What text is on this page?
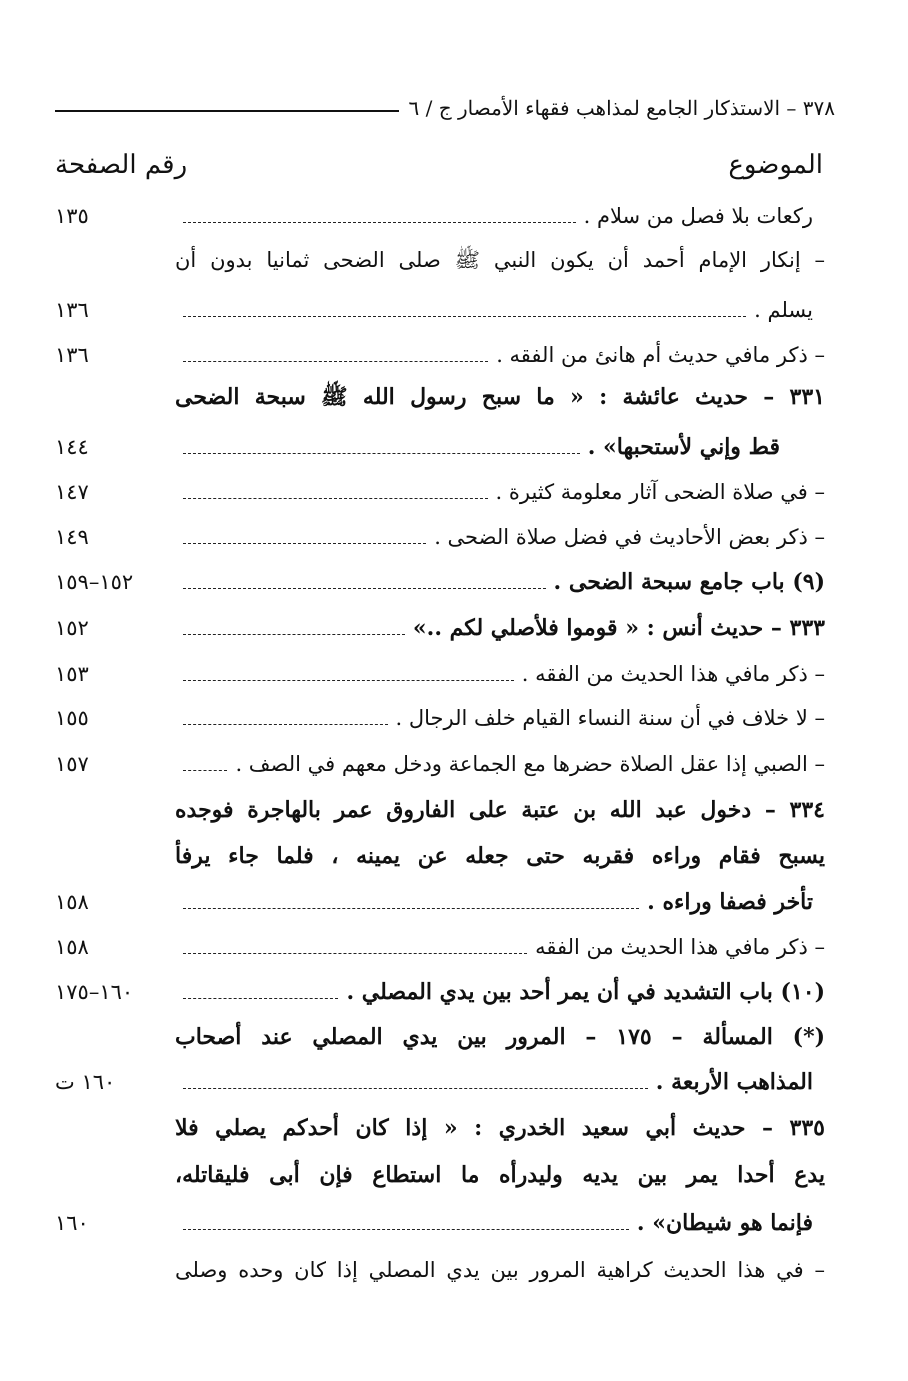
٣٧٨ – الاستذكار الجامع لمذاهب فقهاء الأمصار ج / ٦
الموضوع
رقم الصفحة
ركعات بلا فصل من سلام .
١٣٥
– إنكار الإمام أحمد أن يكون النبي ﷺ صلى الضحى ثمانيا بدون أن
يسلم .
١٣٦
– ذكر مافي حديث أم هانئ من الفقه .
١٣٦
٣٣١ – حديث عائشة : « ما سبح رسول الله ﷺ سبحة الضحى
قط وإني لأستحبها» .
١٤٤
– في صلاة الضحى آثار معلومة كثيرة .
١٤٧
– ذكر بعض الأحاديث في فضل صلاة الضحى .
١٤٩
(٩) باب جامع سبحة الضحى .
١٥٢–١٥٩
٣٣٣ – حديث أنس : « قوموا فلأصلي لكم ..»
١٥٢
– ذكر مافي هذا الحديث من الفقه .
١٥٣
– لا خلاف في أن سنة النساء القيام خلف الرجال .
١٥٥
– الصبي إذا عقل الصلاة حضرها مع الجماعة ودخل معهم في الصف .
١٥٧
٣٣٤ – دخول عبد الله بن عتبة على الفاروق عمر بالهاجرة فوجده
يسبح فقام وراءه فقربه حتى جعله عن يمينه ، فلما جاء يرفأ
تأخر فصفا وراءه .
١٥٨
– ذكر مافي هذا الحديث من الفقه
١٥٨
(١٠) باب التشديد في أن يمر أحد بين يدي المصلي .
١٦٠–١٧٥
(*) المسألة – ١٧٥ – المرور بين يدي المصلي عند أصحاب
المذاهب الأربعة .
١٦٠ ت
٣٣٥ – حديث أبي سعيد الخدري : « إذا كان أحدكم يصلي فلا
يدع أحدا يمر بين يديه وليدرأه ما استطاع فإن أبى فليقاتله،
فإنما هو شيطان» .
١٦٠
– في هذا الحديث كراهية المرور بين يدي المصلي إذا كان وحده وصلى
